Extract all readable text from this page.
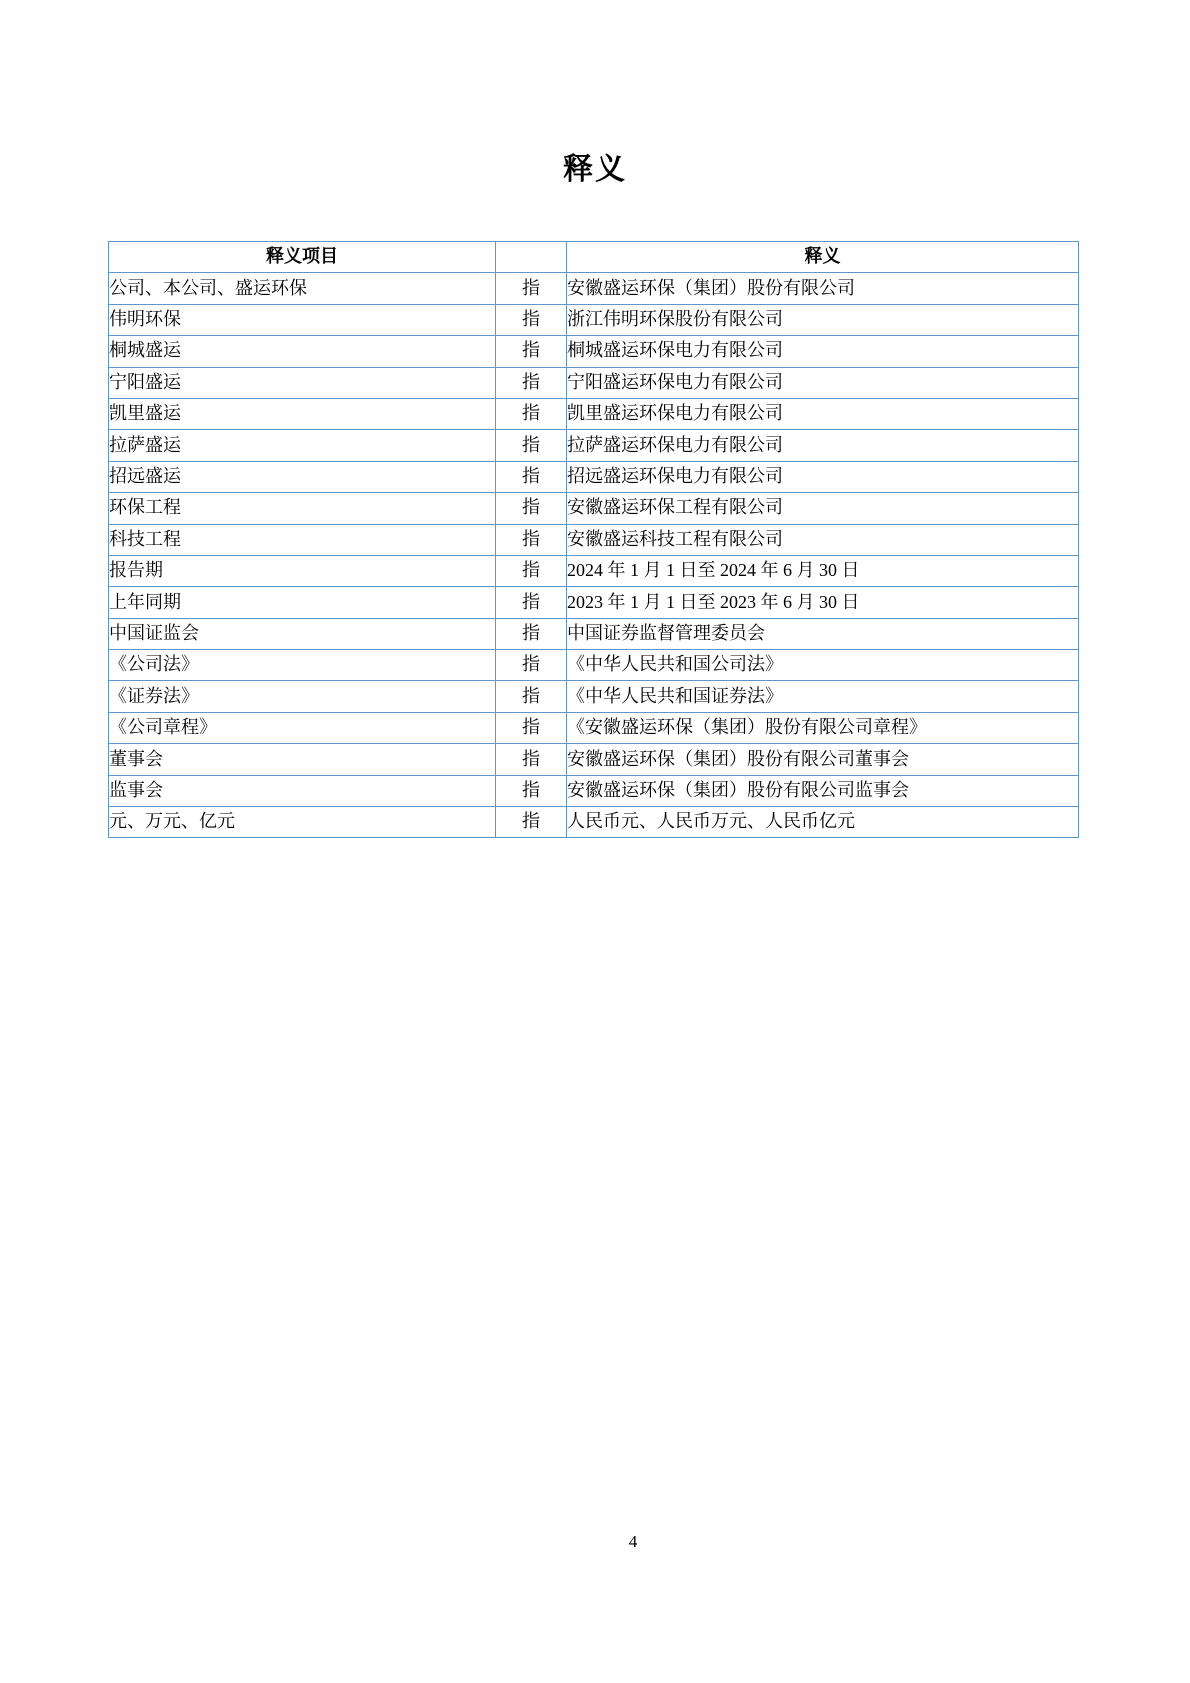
释义
释义项目		释义
公司、本公司、盛运环保	指	安徽盛运环保（集团）股份有限公司
伟明环保	指	浙江伟明环保股份有限公司
桐城盛运	指	桐城盛运环保电力有限公司
宁阳盛运	指	宁阳盛运环保电力有限公司
凯里盛运	指	凯里盛运环保电力有限公司
拉萨盛运	指	拉萨盛运环保电力有限公司
招远盛运	指	招远盛运环保电力有限公司
环保工程	指	安徽盛运环保工程有限公司
科技工程	指	安徽盛运科技工程有限公司
报告期	指	2024 年 1 月 1 日至 2024 年 6 月 30 日
上年同期	指	2023 年 1 月 1 日至 2023 年 6 月 30 日
中国证监会	指	中国证券监督管理委员会
《公司法》	指	《中华人民共和国公司法》
《证券法》	指	《中华人民共和国证券法》
《公司章程》	指	《安徽盛运环保（集团）股份有限公司章程》
董事会	指	安徽盛运环保（集团）股份有限公司董事会
监事会	指	安徽盛运环保（集团）股份有限公司监事会
元、万元、亿元	指	人民币元、人民币万元、人民币亿元
4
